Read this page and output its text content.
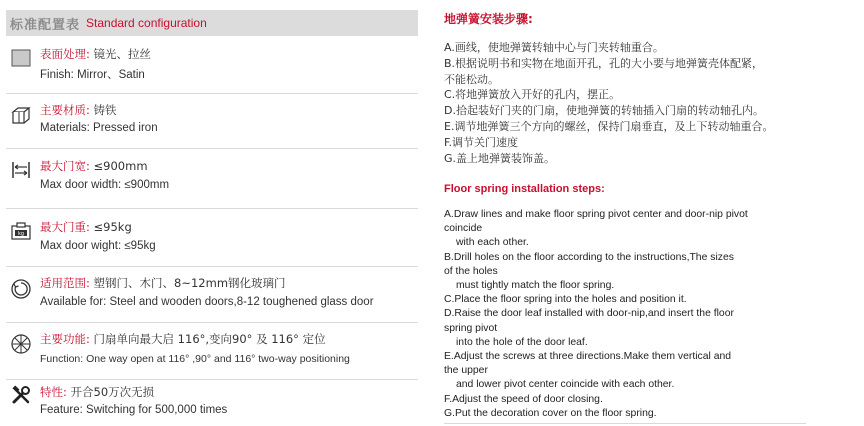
标准配置表 Standard configuration
表面处理: 镜光、拉丝
Finish: Mirror、Satin
主要材质: 铸铁
Materials: Pressed iron
最大门宽: ≤900mm
Max door width: ≤900mm
kg 最大门重: ≤95kg
Max door wight: ≤95kg
适用范围: 塑钢门、木门、8~12mm钢化玻璃门
Available for: Steel and wooden doors,8-12 toughened glass door
主要功能: 门扇单向最大启 116°,变向90° 及 116° 定位
Function: One way open at 116° ,90° and 116° two-way positioning
特性: 开合50万次无损
Feature: Switching for 500,000 times
地弹簧安装步骤:
A.画线，使地弹簧转轴中心与门夹转轴重合。
B.根据说明书和实物在地面开孔，孔的大小要与地弹簧壳体配紧，
不能松动。
C.将地弹簧放入开好的孔内，摆正。
D.拾起装好门夹的门扇，使地弹簧的转轴插入门扇的转动轴孔内。
E.调节地弹簧三个方向的螺丝，保持门扇垂直，及上下转动轴重合。
F.调节关门速度
G.盖上地弹簧装饰盖。
Floor spring installation steps:
A.Draw lines and make floor spring pivot center and door-nip pivot
coincide
with each other.
B.Drill holes on the floor according to the instructions,The sizes
of the holes
must tightly match the floor spring.
C.Place the floor spring into the holes and position it.
D.Raise the door leaf installed with door-nip,and insert the floor
spring pivot
into the hole of the door leaf.
E.Adjust the screws at three directions.Make them vertical and
the upper
and lower pivot center coincide with each other.
F.Adjust the speed of door closing.
G.Put the decoration cover on the floor spring.
